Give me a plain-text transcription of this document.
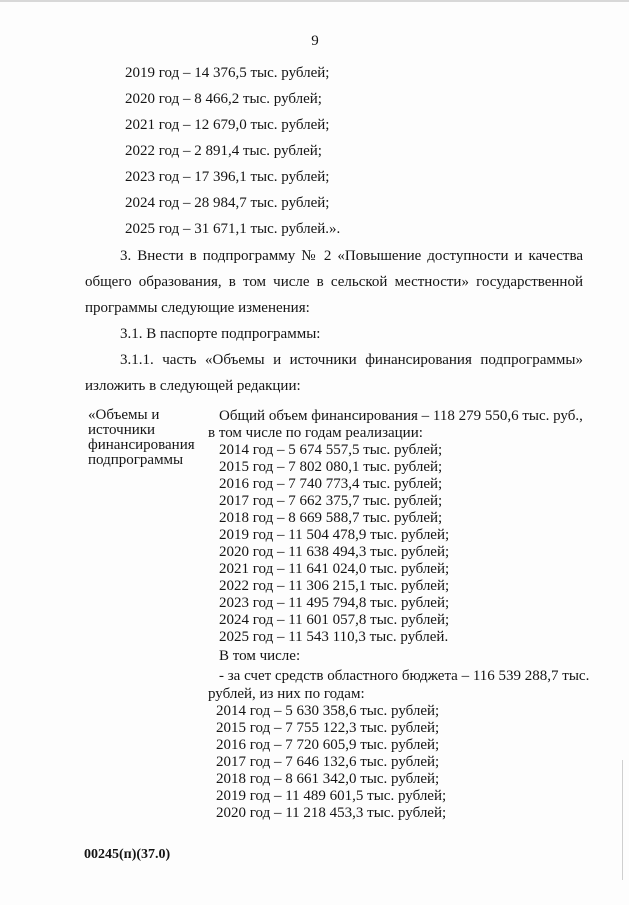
9
2019 год – 14 376,5 тыс. рублей;
2020 год – 8 466,2 тыс. рублей;
2021 год – 12 679,0 тыс. рублей;
2022 год – 2 891,4 тыс. рублей;
2023 год – 17 396,1 тыс. рублей;
2024 год – 28 984,7 тыс. рублей;
2025 год – 31 671,1 тыс. рублей.».
3. Внести в подпрограмму № 2 «Повышение доступности и качества
общего образования, в том числе в сельской местности» государственной
программы следующие изменения:
3.1. В паспорте подпрограммы:
3.1.1. часть «Объемы и источники финансирования подпрограммы»
изложить в следующей редакции:
«Объемы и
источники
финансирования
подпрограммы
Общий объем финансирования – 118 279 550,6 тыс. руб.,
в том числе по годам реализации:
2014 год – 5 674 557,5 тыс. рублей;
2015 год – 7 802 080,1 тыс. рублей;
2016 год – 7 740 773,4 тыс. рублей;
2017 год – 7 662 375,7 тыс. рублей;
2018 год – 8 669 588,7 тыс. рублей;
2019 год – 11 504 478,9 тыс. рублей;
2020 год – 11 638 494,3 тыс. рублей;
2021 год – 11 641 024,0 тыс. рублей;
2022 год – 11 306 215,1 тыс. рублей;
2023 год – 11 495 794,8 тыс. рублей;
2024 год – 11 601 057,8 тыс. рублей;
2025 год – 11 543 110,3 тыс. рублей.
В том числе:
- за счет средств областного бюджета – 116 539 288,7 тыс.
рублей, из них по годам:
2014 год – 5 630 358,6 тыс. рублей;
2015 год – 7 755 122,3 тыс. рублей;
2016 год – 7 720 605,9 тыс. рублей;
2017 год – 7 646 132,6 тыс. рублей;
2018 год – 8 661 342,0 тыс. рублей;
2019 год – 11 489 601,5 тыс. рублей;
2020 год – 11 218 453,3 тыс. рублей;
00245(п)(37.0)
